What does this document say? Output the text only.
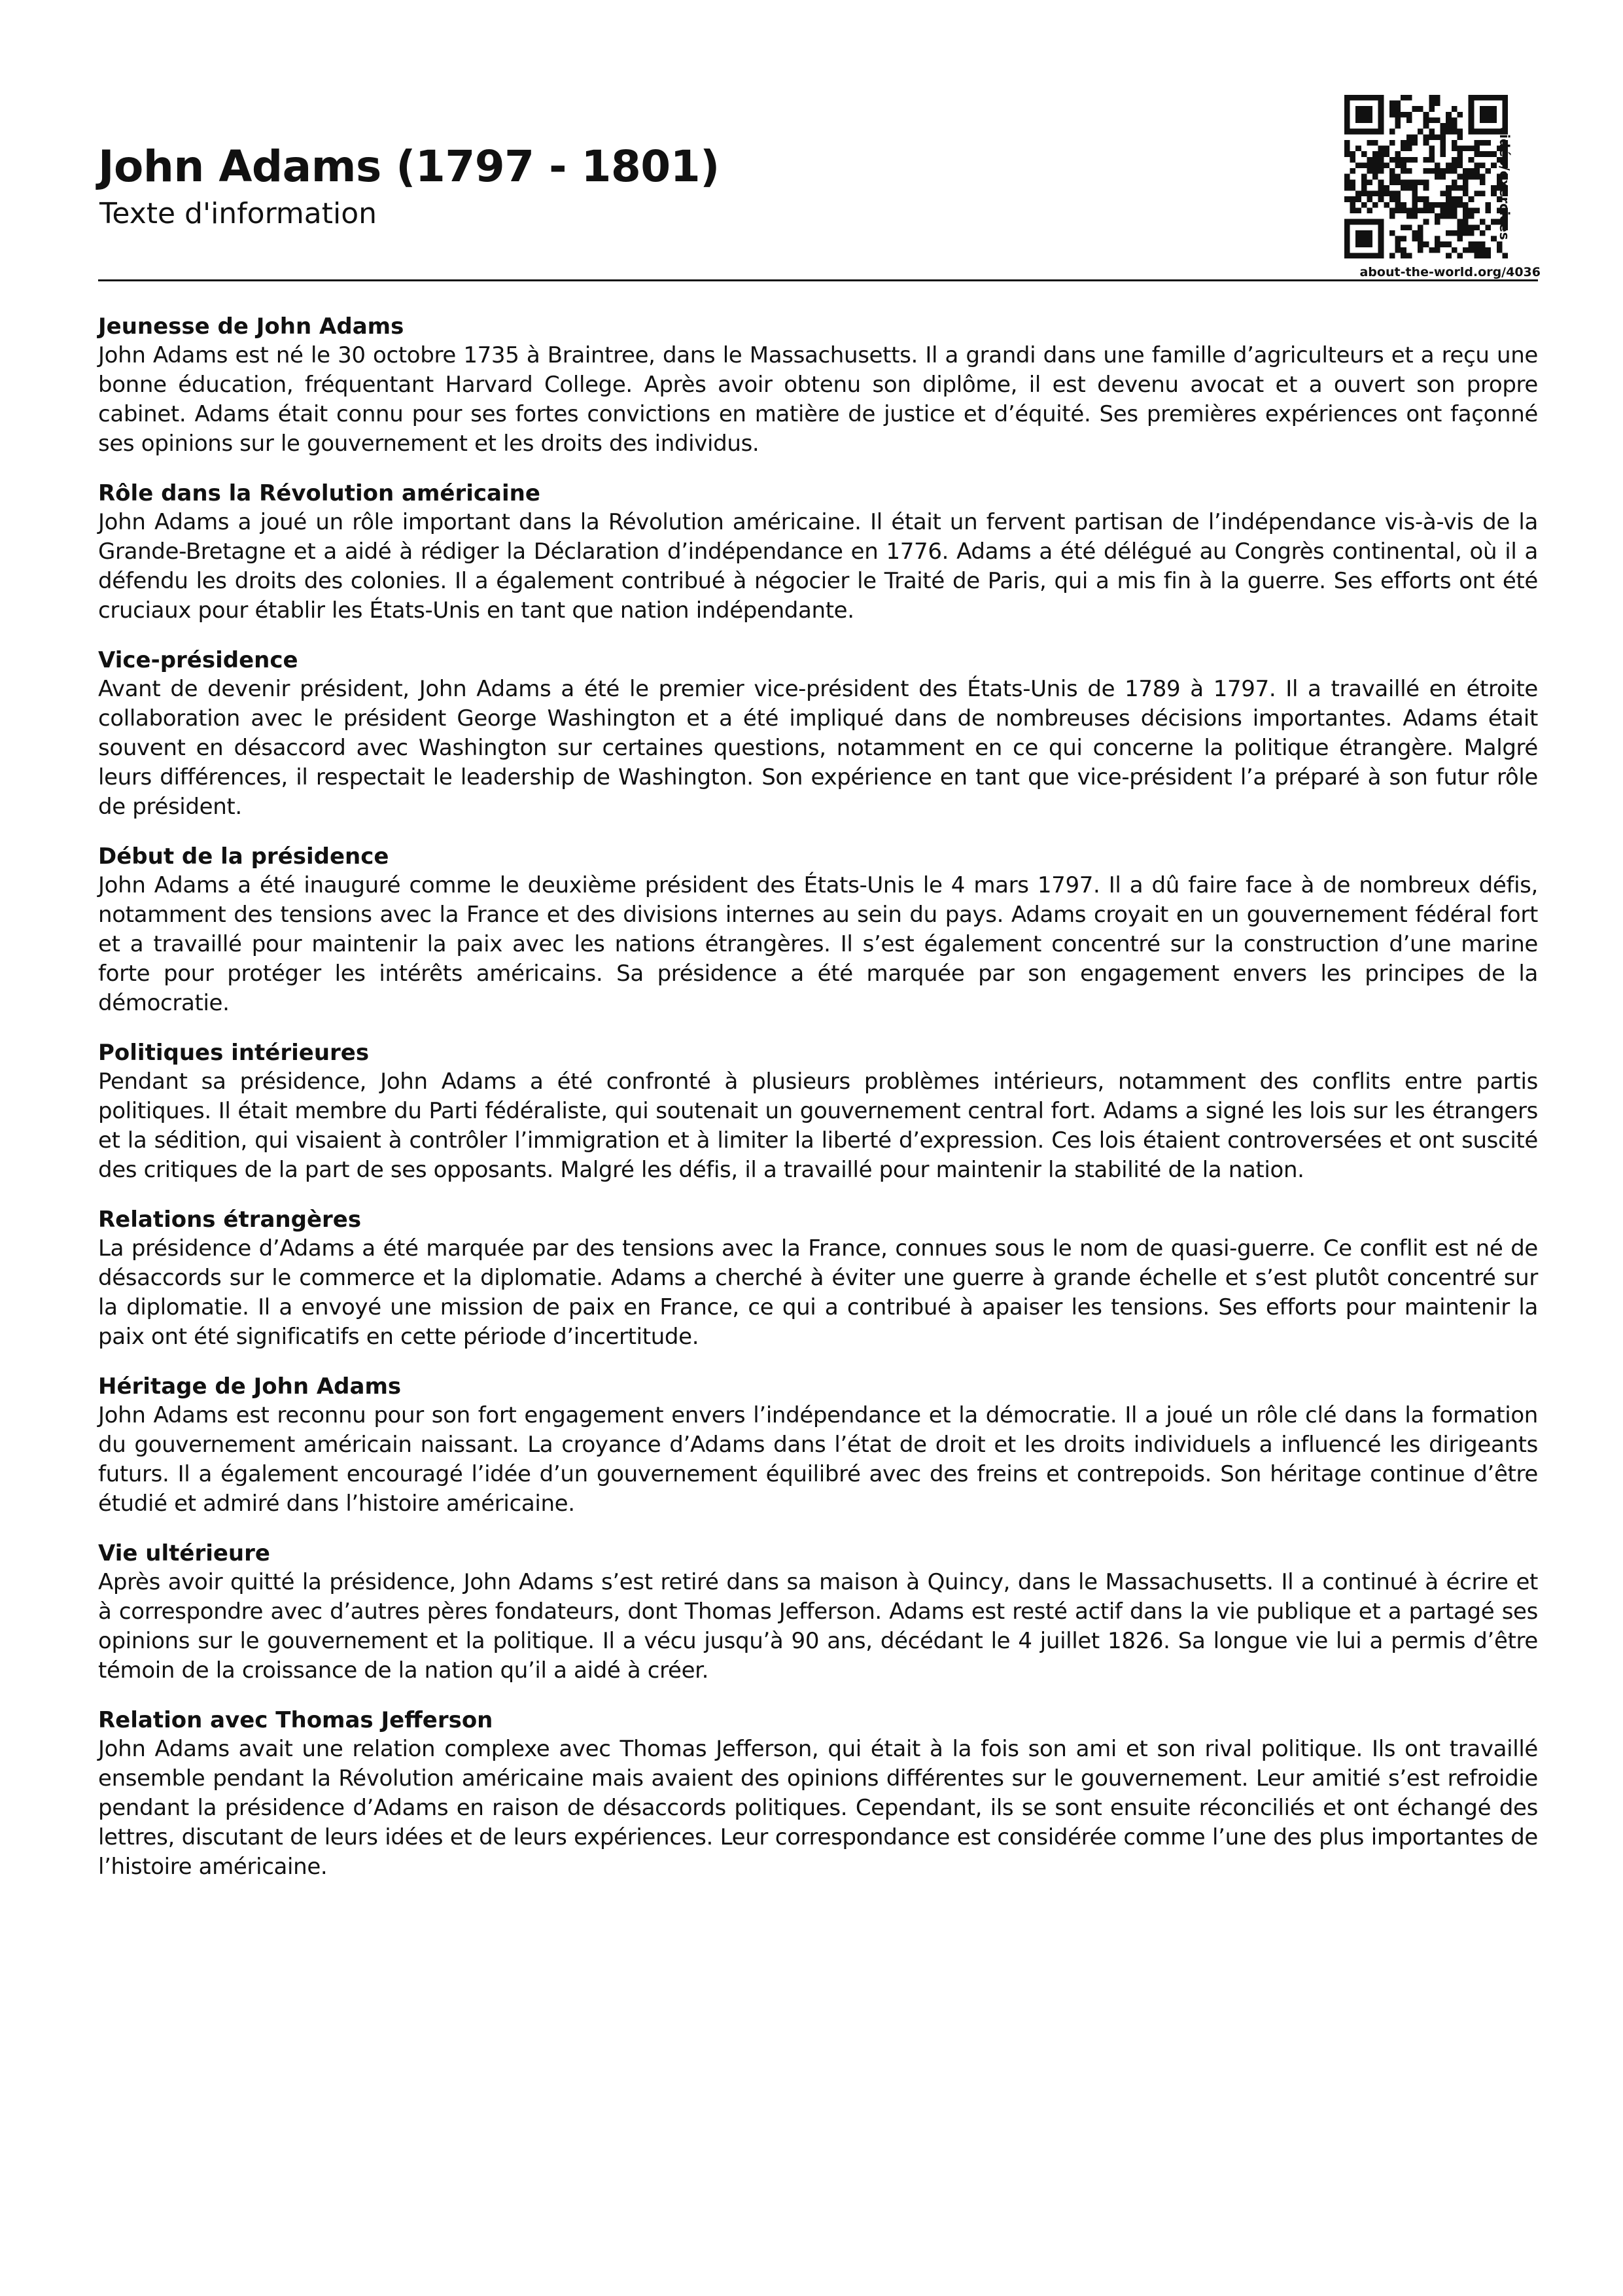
John Adams (1797 - 1801)
Texte d'information	vidéo/exercices
about-the-world.org/4036
Jeunesse de John Adams

John Adams est né le 30 octobre 1735 à Braintree, dans le Massachusetts. Il a grandi dans une famille d’agriculteurs et a reçu une bonne éducation, fréquentant Harvard College. Après avoir obtenu son diplôme, il est devenu avocat et a ouvert son propre cabinet. Adams était connu pour ses fortes convictions en matière de justice et d’équité. Ses premières expériences ont façonné ses opinions sur le gouvernement et les droits des individus.

Rôle dans la Révolution américaine

John Adams a joué un rôle important dans la Révolution américaine. Il était un fervent partisan de l’indépendance vis-à-vis de la Grande-Bretagne et a aidé à rédiger la Déclaration d’indépendance en 1776. Adams a été délégué au Congrès continental, où il a défendu les droits des colonies. Il a également contribué à négocier le Traité de Paris, qui a mis fin à la guerre. Ses efforts ont été cruciaux pour établir les États-Unis en tant que nation indépendante.

Vice-présidence

Avant de devenir président, John Adams a été le premier vice-président des États-Unis de 1789 à 1797. Il a travaillé en étroite collaboration avec le président George Washington et a été impliqué dans de nombreuses décisions importantes. Adams était souvent en désaccord avec Washington sur certaines questions, notamment en ce qui concerne la politique étrangère. Malgré leurs différences, il respectait le leadership de Washington. Son expérience en tant que vice-président l’a préparé à son futur rôle de président.

Début de la présidence

John Adams a été inauguré comme le deuxième président des États-Unis le 4 mars 1797. Il a dû faire face à de nombreux défis, notamment des tensions avec la France et des divisions internes au sein du pays. Adams croyait en un gouvernement fédéral fort et a travaillé pour maintenir la paix avec les nations étrangères. Il s’est également concentré sur la construction d’une marine forte pour protéger les intérêts américains. Sa présidence a été marquée par son engagement envers les principes de la démocratie.

Politiques intérieures

Pendant sa présidence, John Adams a été confronté à plusieurs problèmes intérieurs, notamment des conflits entre partis politiques. Il était membre du Parti fédéraliste, qui soutenait un gouvernement central fort. Adams a signé les lois sur les étrangers et la sédition, qui visaient à contrôler l’immigration et à limiter la liberté d’expression. Ces lois étaient controversées et ont suscité des critiques de la part de ses opposants. Malgré les défis, il a travaillé pour maintenir la stabilité de la nation.

Relations étrangères

La présidence d’Adams a été marquée par des tensions avec la France, connues sous le nom de quasi-guerre. Ce conflit est né de désaccords sur le commerce et la diplomatie. Adams a cherché à éviter une guerre à grande échelle et s’est plutôt concentré sur la diplomatie. Il a envoyé une mission de paix en France, ce qui a contribué à apaiser les tensions. Ses efforts pour maintenir la paix ont été significatifs en cette période d’incertitude.

Héritage de John Adams

John Adams est reconnu pour son fort engagement envers l’indépendance et la démocratie. Il a joué un rôle clé dans la formation du gouvernement américain naissant. La croyance d’Adams dans l’état de droit et les droits individuels a influencé les dirigeants futurs. Il a également encouragé l’idée d’un gouvernement équilibré avec des freins et contrepoids. Son héritage continue d’être étudié et admiré dans l’histoire américaine.

Vie ultérieure

Après avoir quitté la présidence, John Adams s’est retiré dans sa maison à Quincy, dans le Massachusetts. Il a continué à écrire et à correspondre avec d’autres pères fondateurs, dont Thomas Jefferson. Adams est resté actif dans la vie publique et a partagé ses opinions sur le gouvernement et la politique. Il a vécu jusqu’à 90 ans, décédant le 4 juillet 1826. Sa longue vie lui a permis d’être témoin de la croissance de la nation qu’il a aidé à créer.

Relation avec Thomas Jefferson

John Adams avait une relation complexe avec Thomas Jefferson, qui était à la fois son ami et son rival politique. Ils ont travaillé ensemble pendant la Révolution américaine mais avaient des opinions différentes sur le gouvernement. Leur amitié s’est refroidie pendant la présidence d’Adams en raison de désaccords politiques. Cependant, ils se sont ensuite réconciliés et ont échangé des lettres, discutant de leurs idées et de leurs expériences. Leur correspondance est considérée comme l’une des plus importantes de l’histoire américaine.
